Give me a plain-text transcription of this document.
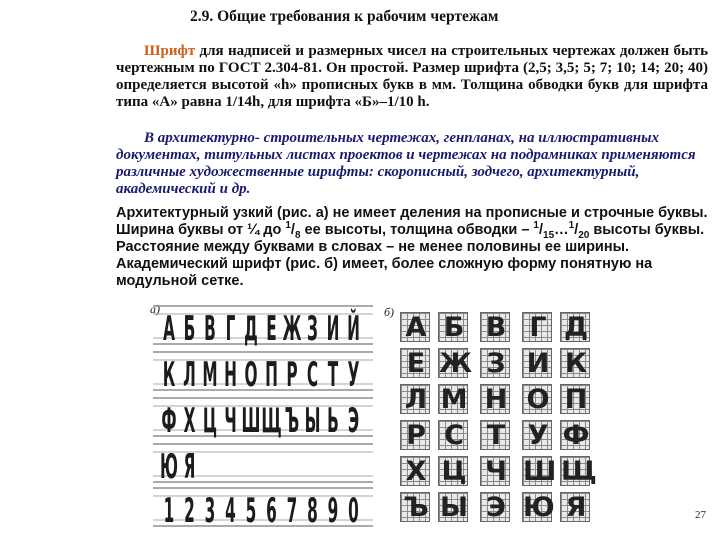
2.9. Общие требования к рабочим чертежам

Шрифт для надписей и размерных чисел на строительных чертежах должен быть чертежным по ГОСТ 2.304-81. Он простой. Размер шрифта (2,5; 3,5; 5; 7; 10; 14; 20; 40) определяется высотой «h» прописных букв в мм. Толщина обводки букв для шрифта типа «А» равна 1/14h, для шрифта «Б»–1/10 h.

В архитектурно- строительных чертежах, генпланах, на иллюстративных документах, титульных листах проектов и чертежах на подрамниках применяются различные художественные шрифты: скорописный, зодчего, архитектурный, академический и др.

Архитектурный узкий (рис. а) не имеет деления на прописные и строчные буквы. Ширина буквы от ¼ до $^1/_8$ ее высоты, толщина обводки – $^1/_{15}\dots^1/_{20}$ высоты буквы. Расстояние между буквами в словах – не менее половины ее ширины. Академический шрифт (рис. б) имеет, более сложную форму понятную на модульной сетке.

а)
А Б В Г Д Е Ж З И Й
К Л М Н О П Р С Т У
Ф Х Ц Ч Ш Щ Ъ Ы Ь Э
Ю Я
1 2 3 4 5 6 7 8 9 0
б) А Б В Г Д
Е Ж З И К
Л М Н О П
Р С Т У Ф
Х Ц Ч Ш Щ
Ъ Ы Э Ю Я	27
